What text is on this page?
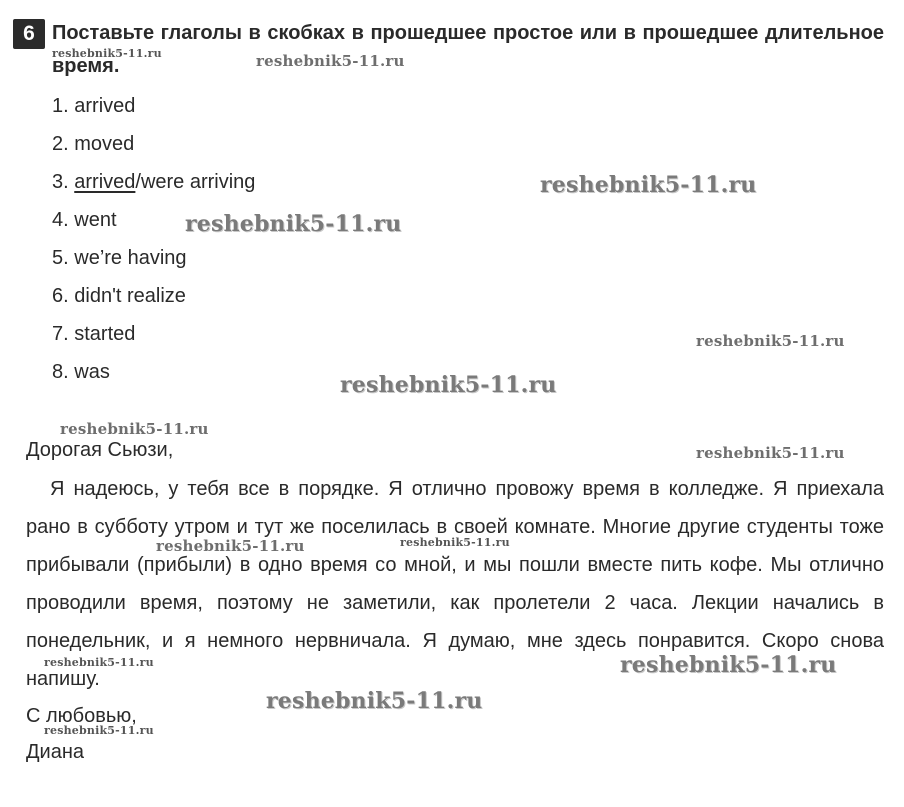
6 Поставьте глаголы в скобках в прошедшее простое или в прошедшее длительное время.
1. arrived
2. moved
3. arrived/were arriving
4. went
5. we’re having
6. didn't realize
7. started
8. was
Дорогая Сьюзи,
Я надеюсь, у тебя все в порядке. Я отлично провожу время в колледже. Я приехала рано в субботу утром и тут же поселилась в своей комнате. Многие другие студенты тоже прибывали (прибыли) в одно время со мной, и мы пошли вместе пить кофе. Мы отлично проводили время, поэтому не заметили, как пролетели 2 часа. Лекции начались в понедельник, и я немного нервничала. Я думаю, мне здесь понравится. Скоро снова напишу.
С любовью,
Диана
reshebnik5-11.ru	reshebnik5-11.ru
reshebnik5-11.ru
reshebnik5-11.ru
reshebnik5-11.ru
reshebnik5-11.ru
reshebnik5-11.ru
reshebnik5-11.ru
reshebnik5-11.ru	reshebnik5-11.ru
reshebnik5-11.ru	reshebnik5-11.ru
reshebnik5-11.ru
reshebnik5-11.ru
